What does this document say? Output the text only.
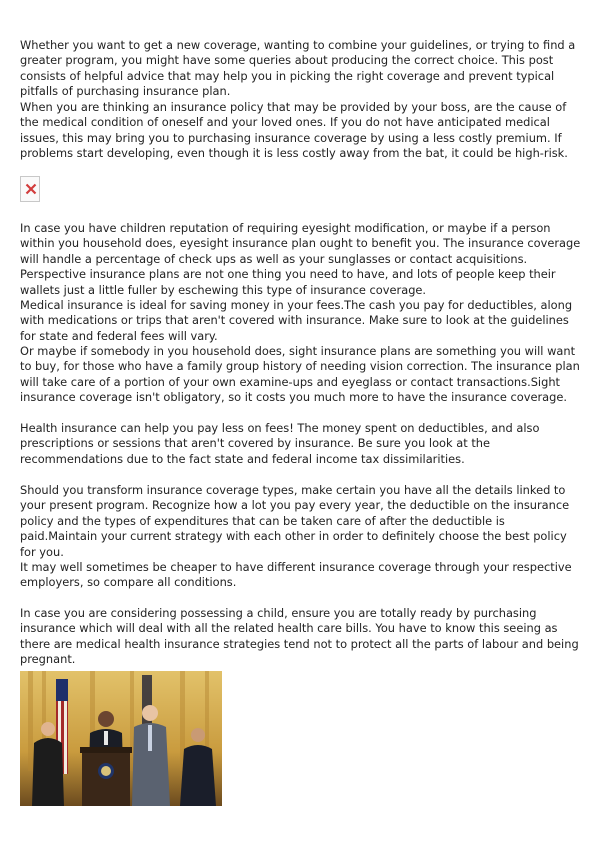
Whether you want to get a new coverage, wanting to combine your guidelines, or trying to find a greater program, you might have some queries about producing the correct choice. This post consists of helpful advice that may help you in picking the right coverage and prevent typical pitfalls of purchasing insurance plan.

When you are thinking an insurance policy that may be provided by your boss, are the cause of the medical condition of oneself and your loved ones. If you do not have anticipated medical issues, this may bring you to purchasing insurance coverage by using a less costly premium. If problems start developing, even though it is less costly away from the bat, it could be high-risk.

In case you have children reputation of requiring eyesight modification, or maybe if a person within you household does, eyesight insurance plan ought to benefit you. The insurance coverage will handle a percentage of check ups as well as your sunglasses or contact acquisitions. Perspective insurance plans are not one thing you need to have, and lots of people keep their wallets just a little fuller by eschewing this type of insurance coverage.

Medical insurance is ideal for saving money in your fees.The cash you pay for deductibles, along with medications or trips that aren't covered with insurance. Make sure to look at the guidelines for state and federal fees will vary.

Or maybe if somebody in you household does, sight insurance plans are something you will want to buy, for those who have a family group history of needing vision correction. The insurance plan will take care of a portion of your own examine-ups and eyeglass or contact transactions.Sight insurance coverage isn't obligatory, so it costs you much more to have the insurance coverage.

Health insurance can help you pay less on fees! The money spent on deductibles, and also prescriptions or sessions that aren't covered by insurance. Be sure you look at the recommendations due to the fact state and federal income tax dissimilarities.

Should you transform insurance coverage types, make certain you have all the details linked to your present program. Recognize how a lot you pay every year, the deductible on the insurance policy and the types of expenditures that can be taken care of after the deductible is paid.Maintain your current strategy with each other in order to definitely choose the best policy for you.

It may well sometimes be cheaper to have different insurance coverage through your respective employers, so compare all conditions.

In case you are considering possessing a child, ensure you are totally ready by purchasing insurance which will deal with all the related health care bills. You have to know this seeing as there are medical health insurance strategies tend not to protect all the parts of labour and being pregnant.
